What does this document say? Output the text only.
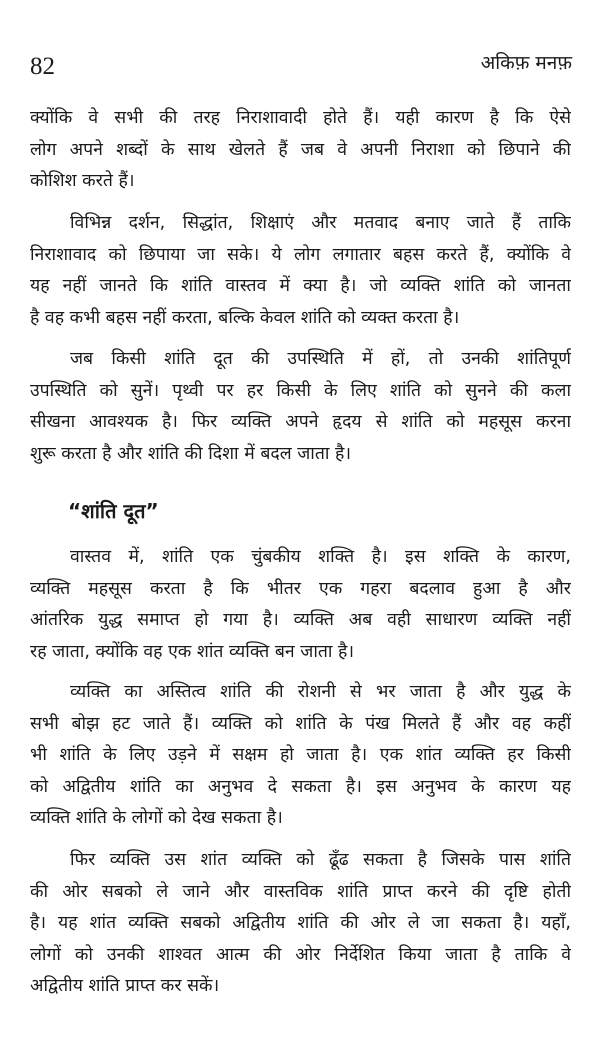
82	अकिफ़ मनफ़
क्योंकि वे सभी की तरह निराशावादी होते हैं। यही कारण है कि ऐसे
लोग अपने शब्दों के साथ खेलते हैं जब वे अपनी निराशा को छिपाने की
कोशिश करते हैं।
विभिन्न दर्शन, सिद्धांत, शिक्षाएं और मतवाद बनाए जाते हैं ताकि
निराशावाद को छिपाया जा सके। ये लोग लगातार बहस करते हैं, क्योंकि वे
यह नहीं जानते कि शांति वास्तव में क्या है। जो व्यक्ति शांति को जानता
है वह कभी बहस नहीं करता, बल्कि केवल शांति को व्यक्त करता है।
जब किसी शांति दूत की उपस्थिति में हों, तो उनकी शांतिपूर्ण
उपस्थिति को सुनें। पृथ्वी पर हर किसी के लिए शांति को सुनने की कला
सीखना आवश्यक है। फिर व्यक्ति अपने हृदय से शांति को महसूस करना
शुरू करता है और शांति की दिशा में बदल जाता है।
“शांति दूत”
वास्तव में, शांति एक चुंबकीय शक्ति है। इस शक्ति के कारण,
व्यक्ति महसूस करता है कि भीतर एक गहरा बदलाव हुआ है और
आंतरिक युद्ध समाप्त हो गया है। व्यक्ति अब वही साधारण व्यक्ति नहीं
रह जाता, क्योंकि वह एक शांत व्यक्ति बन जाता है।
व्यक्ति का अस्तित्व शांति की रोशनी से भर जाता है और युद्ध के
सभी बोझ हट जाते हैं। व्यक्ति को शांति के पंख मिलते हैं और वह कहीं
भी शांति के लिए उड़ने में सक्षम हो जाता है। एक शांत व्यक्ति हर किसी
को अद्वितीय शांति का अनुभव दे सकता है। इस अनुभव के कारण यह
व्यक्ति शांति के लोगों को देख सकता है।
फिर व्यक्ति उस शांत व्यक्ति को ढूँढ सकता है जिसके पास शांति
की ओर सबको ले जाने और वास्तविक शांति प्राप्त करने की दृष्टि होती
है। यह शांत व्यक्ति सबको अद्वितीय शांति की ओर ले जा सकता है। यहाँ,
लोगों को उनकी शाश्वत आत्म की ओर निर्देशित किया जाता है ताकि वे
अद्वितीय शांति प्राप्त कर सकें।
